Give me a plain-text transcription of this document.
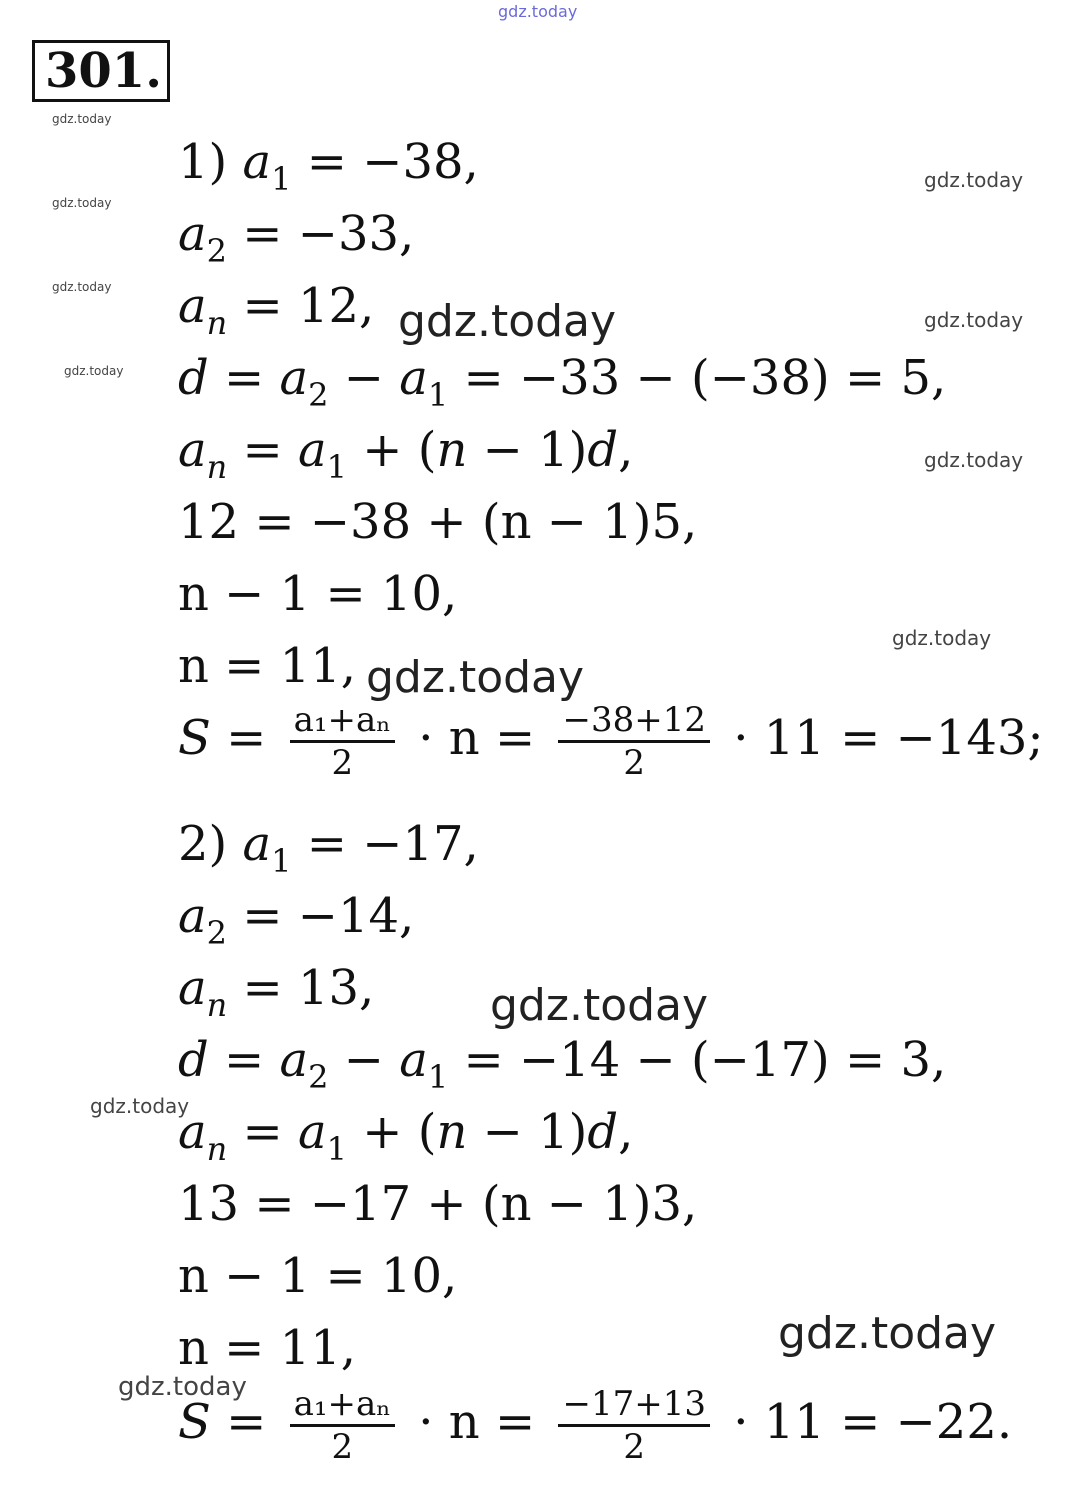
gdz.today
gdz.today
gdz.today
gdz.today
gdz.today
gdz.today
gdz.today
gdz.today
gdz.today
gdz.today
gdz.today
gdz.today
gdz.today
gdz.today
gdz.today
301.
1) $a_1 = -38$,
$a_2 = -33$,
$a_n = 12$,
$d = a_2 - a_1 = -33 - (-38) = 5$,
$a_n = a_1 + (n - 1)d$,
12 = −38 + (n − 1)5,
n − 1 = 10,
n = 11,
$S = \frac{\text{a₁+aₙ}}{2} \cdot n = \frac{-38+12}{2} \cdot 11 = -143$;
2) $a_1 = -17$,
$a_2 = -14$,
$a_n = 13$,
$d = a_2 - a_1 = -14 - (-17) = 3$,
$a_n = a_1 + (n - 1)d$,
13 = −17 + (n − 1)3,
n − 1 = 10,
n = 11,
$S = \frac{\text{a₁+aₙ}}{2} \cdot n = \frac{-17+13}{2} \cdot 11 = -22$.
